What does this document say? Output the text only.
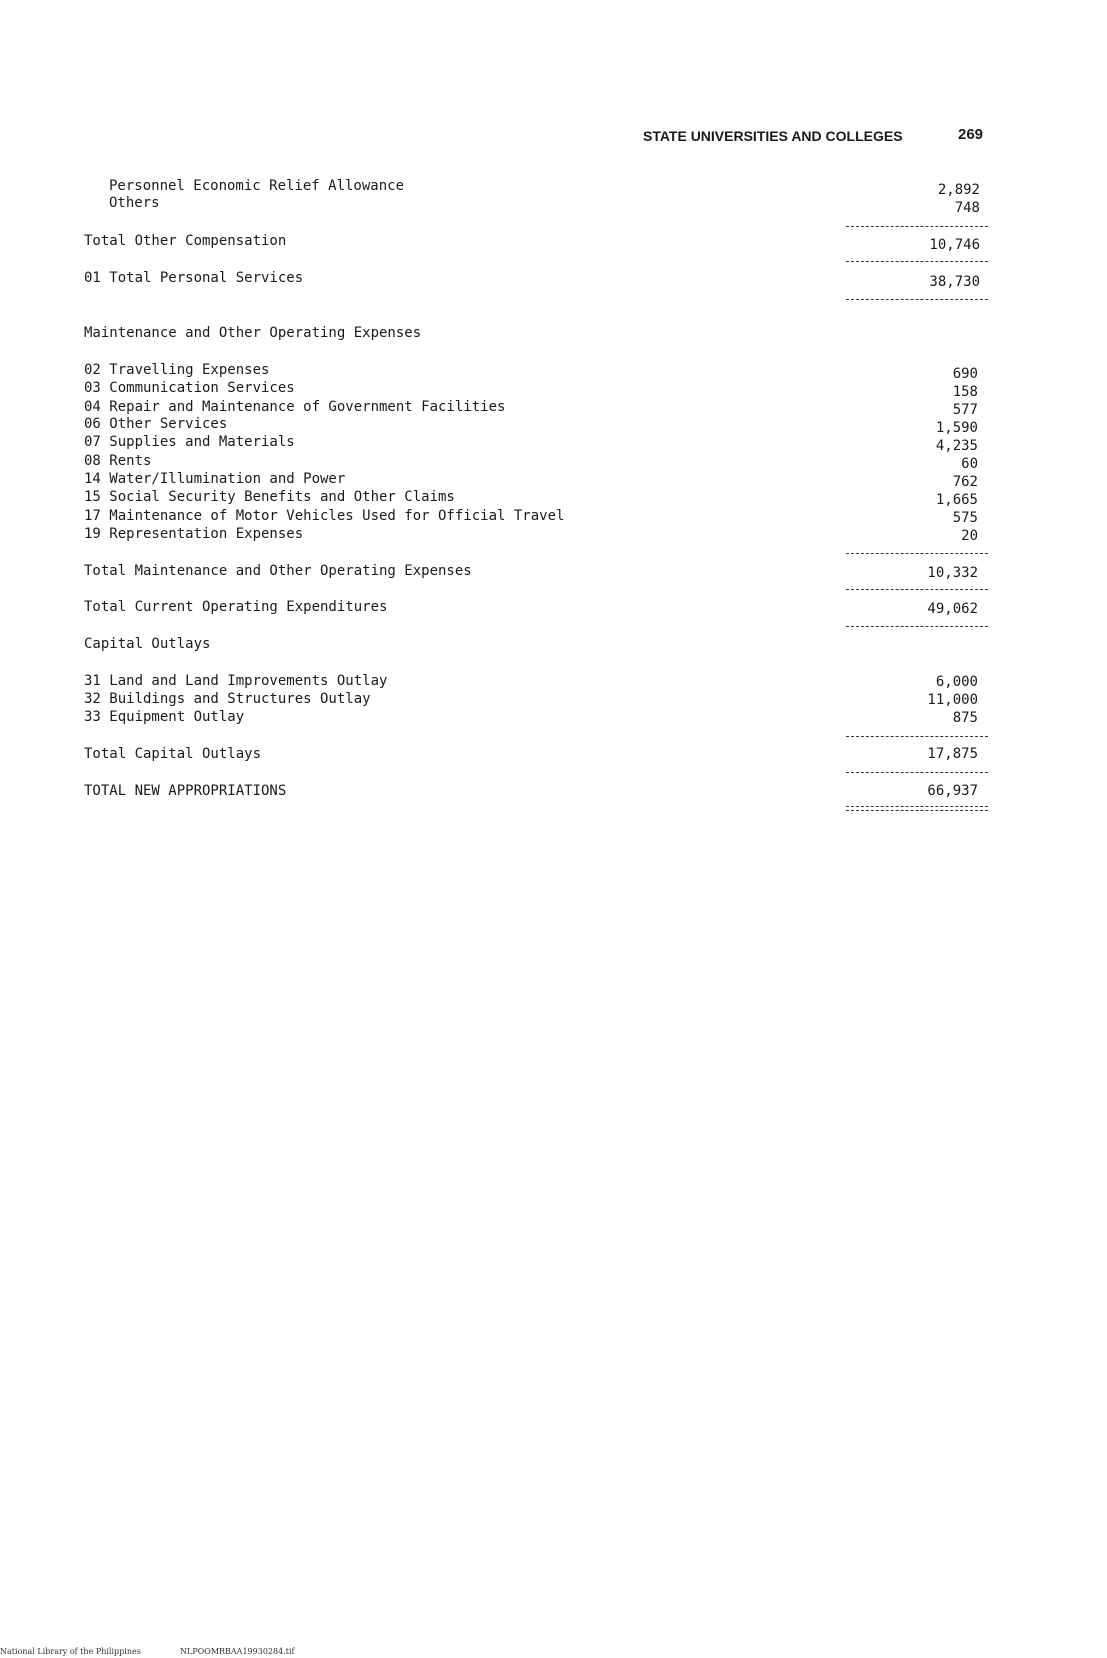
STATE UNIVERSITIES AND COLLEGES	269
Personnel Economic Relief Allowance	2,892
Others	748
Total Other Compensation	10,746
01 Total Personal Services	38,730
Maintenance and Other Operating Expenses
02 Travelling Expenses	690
03 Communication Services	158
04 Repair and Maintenance of Government Facilities	577
06 Other Services	1,590
07 Supplies and Materials	4,235
08 Rents	60
14 Water/Illumination and Power	762
15 Social Security Benefits and Other Claims	1,665
17 Maintenance of Motor Vehicles Used for Official Travel	575
19 Representation Expenses	20
Total Maintenance and Other Operating Expenses	10,332
Total Current Operating Expenditures	49,062
Capital Outlays
31 Land and Land Improvements Outlay	6,000
32 Buildings and Structures Outlay	11,000
33 Equipment Outlay	875
Total Capital Outlays	17,875
TOTAL NEW APPROPRIATIONS	66,937
National Library of the Philippines	NLPOOMRBAA19930284.tif
